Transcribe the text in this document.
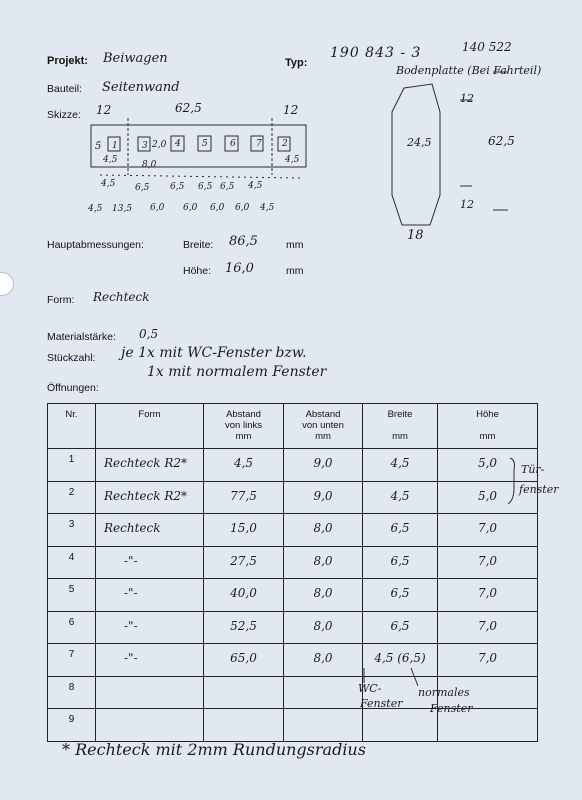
Projekt: Beiwagen	Typ:
190 843 - 3	140 522
Bauteil: Seitenwand
Skizze: 12	62,5	12
5
4,5	4,5
8,0
2,0
1	3	4 5 6 7 2
4,5 6,5 6,5 6,5 6,5 4,5
4,5 13,5 6,0 6,0 6,0 6,0 4,5
Bodenplatte (Bei Fahrteil)
24,5	62,5
12
12
18
Hauptabmessungen:	Breite: 86,5	mm
Höhe: 16,0	mm
Form: Rechteck
Materialstärke: 0,5
Stückzahl: je 1x mit WC-Fenster bzw.
1x mit normalem Fenster
Öffnungen:
Nr.	Form	Abstand
von links
mm	Abstand
von unten
mm	Breite

mm	Höhe

mm
1	Rechteck R2*	4,5	9,0	4,5	5,0

2	Rechteck R2*	77,5	9,0	4,5	5,0

3	Rechteck	15,0	8,0	6,5	7,0

4	-"-	27,5	8,0	6,5	7,0

5	-"-	40,0	8,0	6,5	7,0

6	-"-	52,5	8,0	6,5	7,0

7	-"-	65,0	8,0	4,5 (6,5)	7,0

8	

9	

Tür-
fenster
WC-
Fenster
normales
Fenster
* Rechteck mit 2mm Rundungsradius
